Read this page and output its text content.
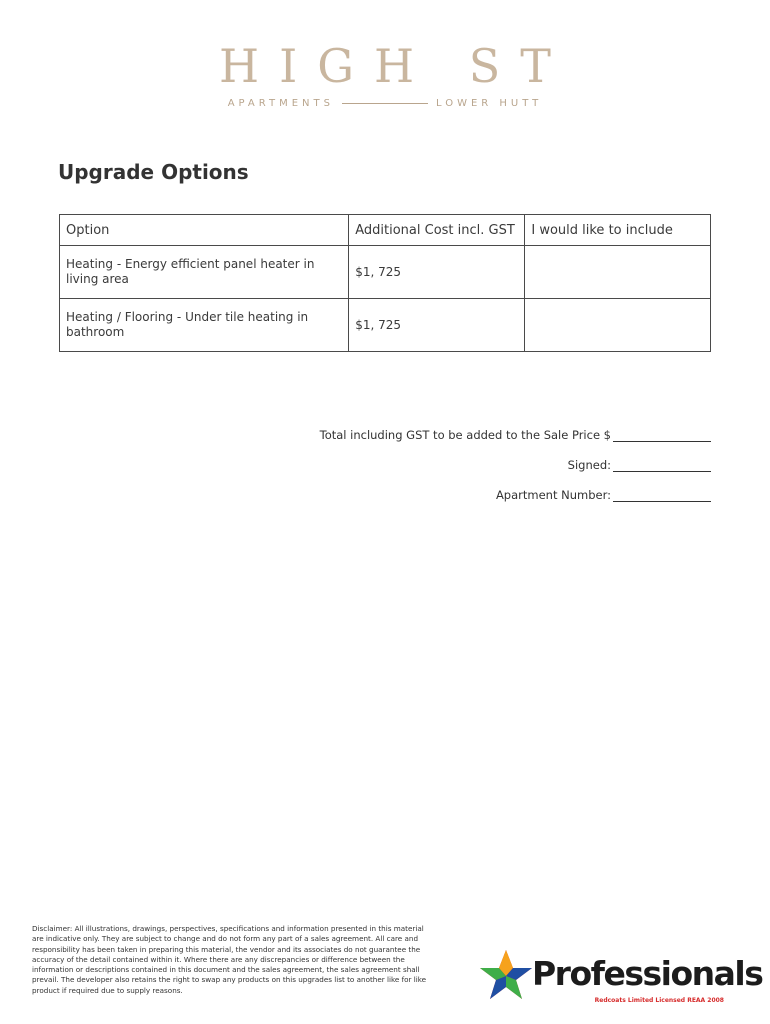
HIGH ST
APARTMENTS	LOWER HUTT
Upgrade Options
Option	Additional Cost incl. GST	I would like to include
Heating - Energy efficient panel heater in living area	$1, 725	
Heating / Flooring - Under tile heating in bathroom	$1, 725	
Total including GST to be added to the Sale Price $
Signed:
Apartment Number:
Disclaimer: All illustrations, drawings, perspectives, specifications and information presented in this material are indicative only. They are subject to change and do not form any part of a sales agreement. All care and responsibility has been taken in preparing this material, the vendor and its associates do not guarantee the accuracy of the detail contained within it. Where there are any discrepancies or difference between the information or descriptions contained in this document and the sales agreement, the sales agreement shall prevail. The developer also retains the right to swap any products on this upgrades list to another like for like product if required due to supply reasons.	Professionals
Redcoats Limited Licensed REAA 2008
